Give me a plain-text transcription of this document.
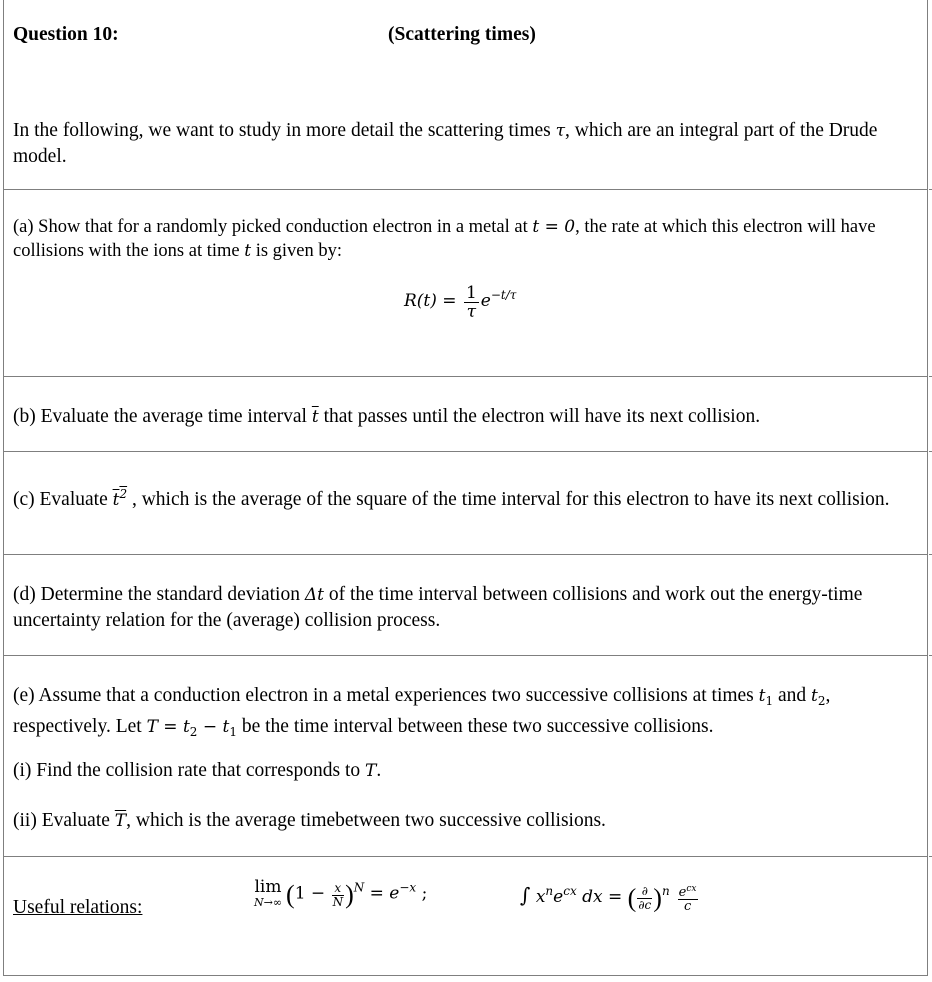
Question 10:	(Scattering times)
In the following, we want to study in more detail the scattering times τ, which are an integral part of the Drude model.
(a) Show that for a randomly picked conduction electron in a metal at t = 0, the rate at which this electron will have collisions with the ions at time t is given by:
$R(t) = \frac{1}{\tau} e^{-t/\tau}$
(b) Evaluate the average time interval $\overline{t}$ that passes until the electron will have its next collision.
(c) Evaluate $t^2$ , which is the average of the square of the time interval for this electron to have its next collision.
(d) Determine the standard deviation Δt of the time interval between collisions and work out the energy-time uncertainty relation for the (average) collision process.
(e) Assume that a conduction electron in a metal experiences two successive collisions at times $t_1$ and $t_2$, respectively. Let $T = t_2 - t_1$ be the time interval between these two successive collisions.
(i) Find the collision rate that corresponds to T.
(ii) Evaluate $\overline{T}$, which is the average timebetween two successive collisions.
Useful relations:
lim
N→∞ $(1 - \frac{x}{N} )^N = e^{-x}$ ;	∫ $x^ne^{cx}$ dx = ( $\frac{\partial}{\partial c} )^n \frac{e^{cx}}{c}$
